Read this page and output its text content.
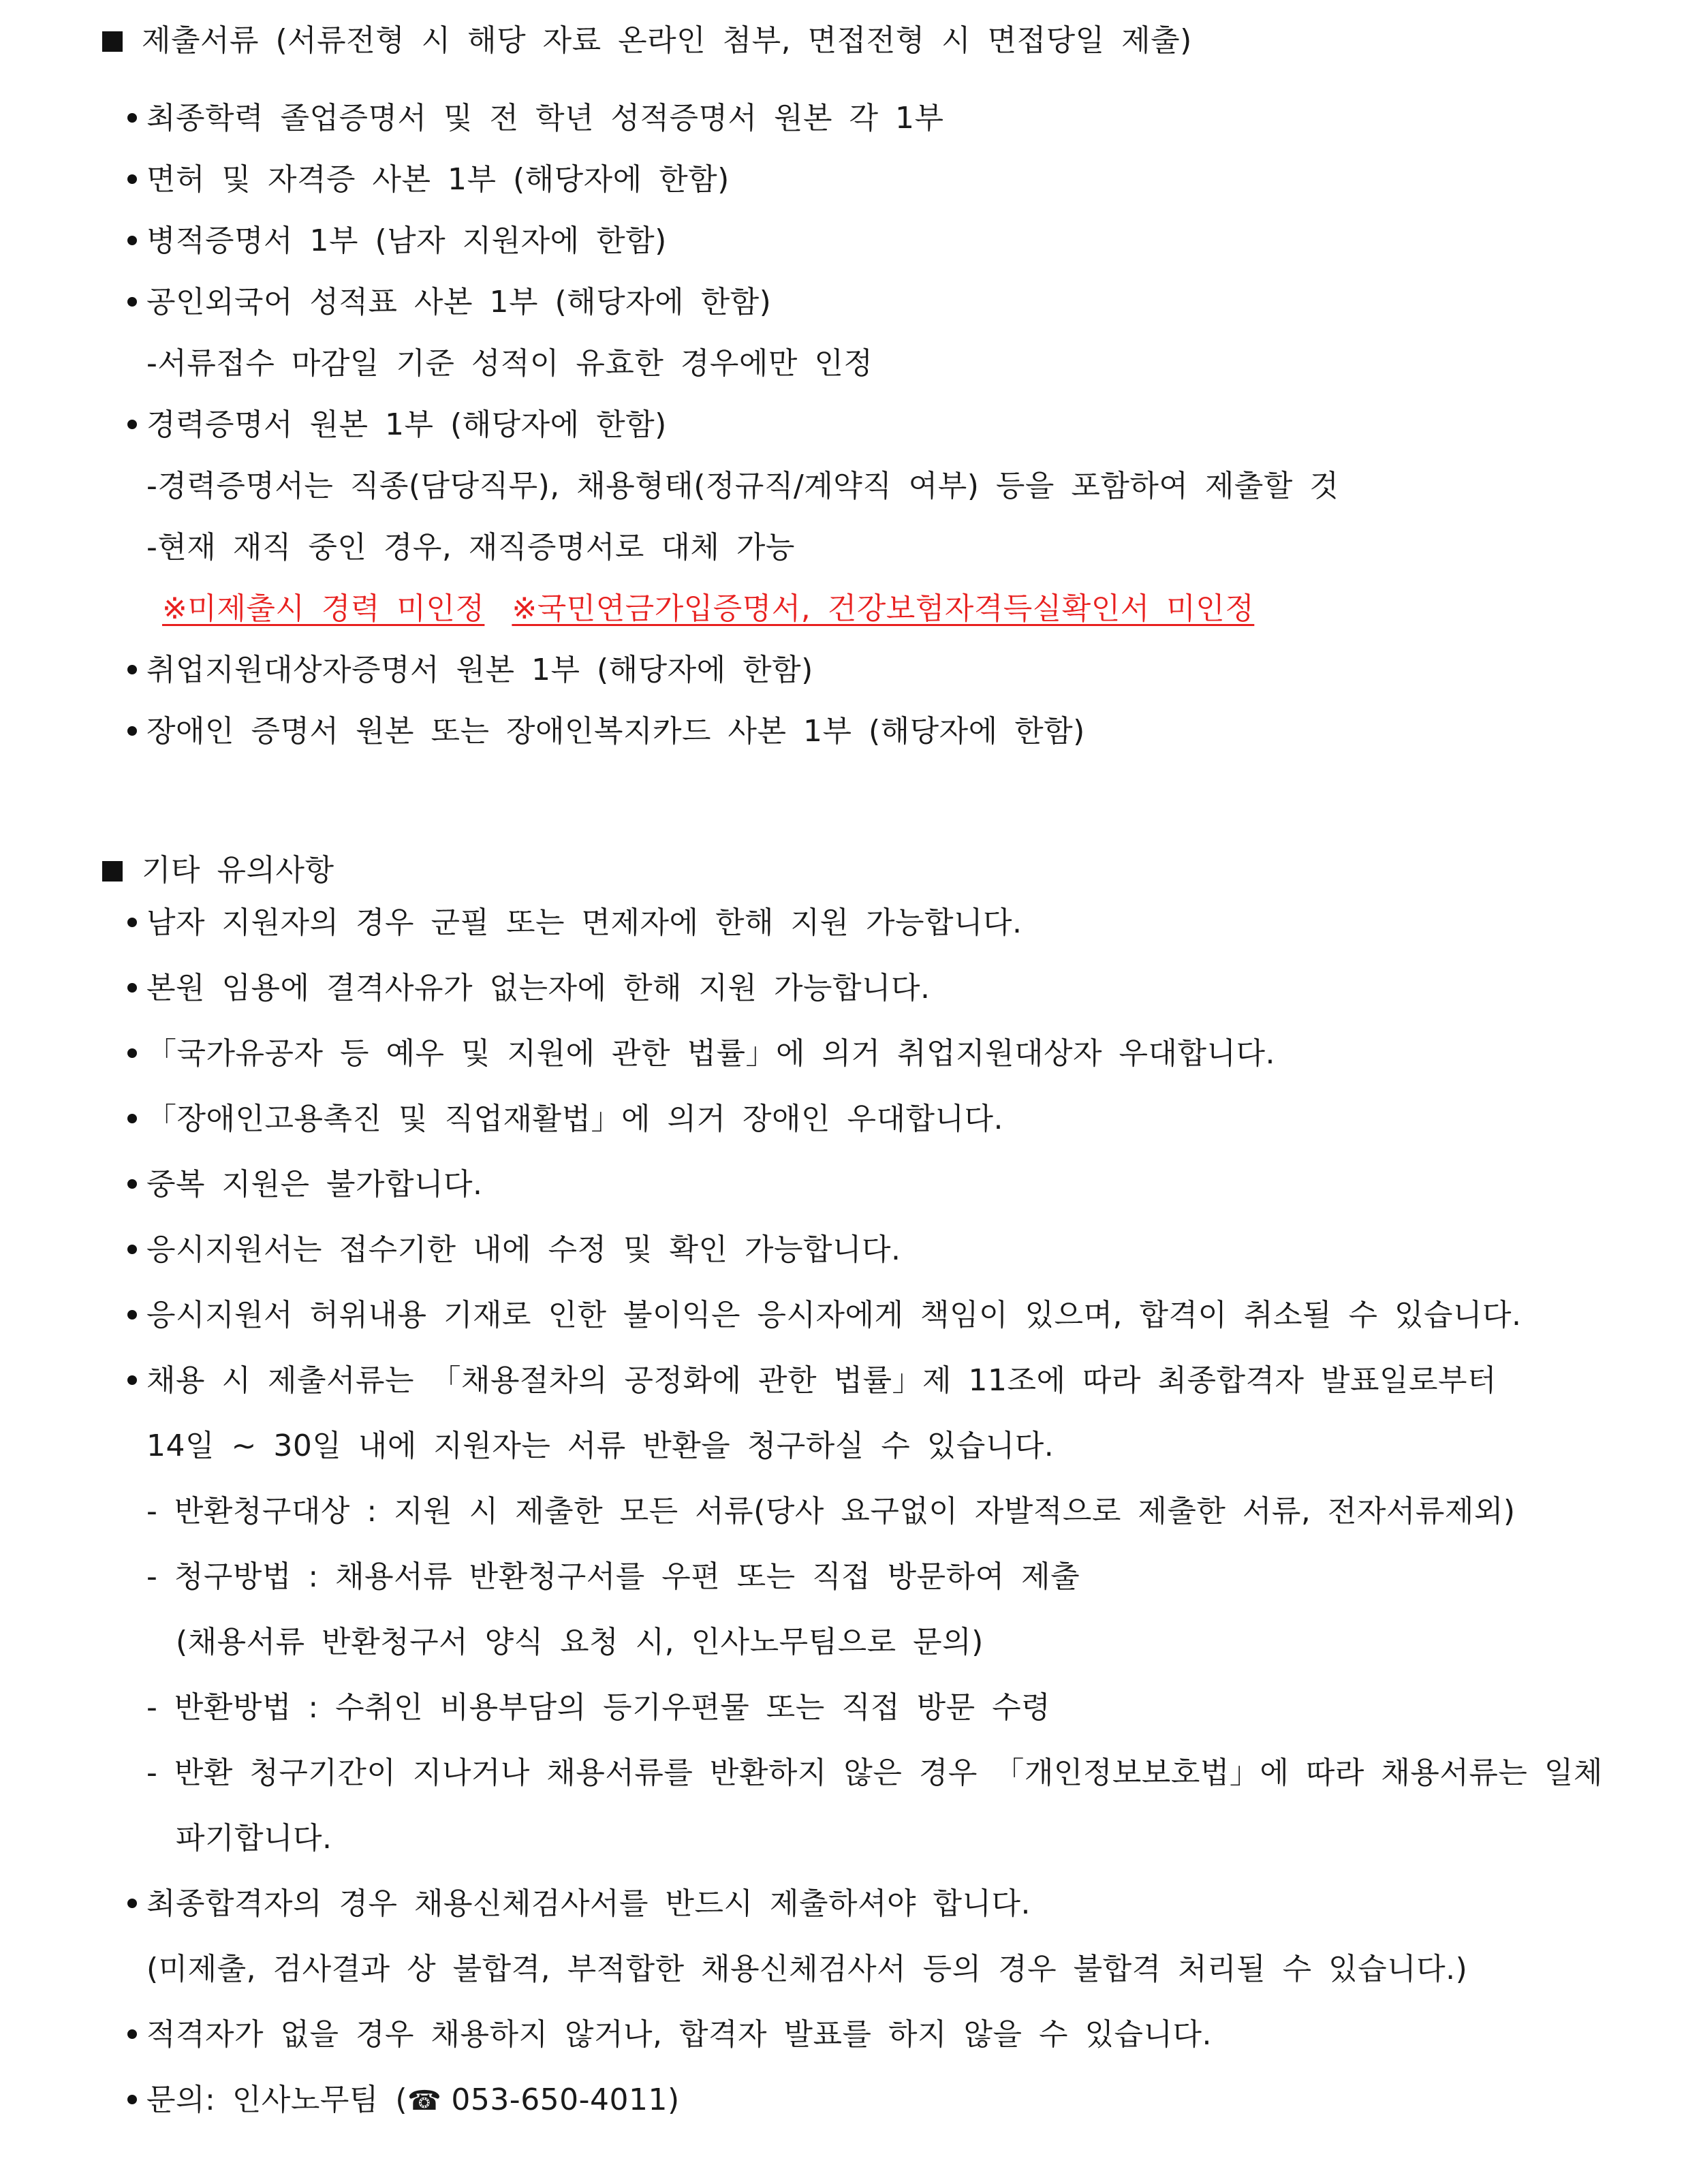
제출서류 (서류전형 시 해당 자료 온라인 첨부, 면접전형 시 면접당일 제출)
최종학력 졸업증명서 및 전 학년 성적증명서 원본 각 1부
면허 및 자격증 사본 1부 (해당자에 한함)
병적증명서 1부 (남자 지원자에 한함)
공인외국어 성적표 사본 1부 (해당자에 한함)
-서류접수 마감일 기준 성적이 유효한 경우에만 인정
경력증명서 원본 1부 (해당자에 한함)
-경력증명서는 직종(담당직무), 채용형태(정규직/계약직 여부) 등을 포함하여 제출할 것
-현재 재직 중인 경우, 재직증명서로 대체 가능
※미제출시 경력 미인정 ※국민연금가입증명서, 건강보험자격득실확인서 미인정
취업지원대상자증명서 원본 1부 (해당자에 한함)
장애인 증명서 원본 또는 장애인복지카드 사본 1부 (해당자에 한함)
기타 유의사항
남자 지원자의 경우 군필 또는 면제자에 한해 지원 가능합니다.
본원 임용에 결격사유가 없는자에 한해 지원 가능합니다.
「국가유공자 등 예우 및 지원에 관한 법률」에 의거 취업지원대상자 우대합니다.
「장애인고용촉진 및 직업재활법」에 의거 장애인 우대합니다.
중복 지원은 불가합니다.
응시지원서는 접수기한 내에 수정 및 확인 가능합니다.
응시지원서 허위내용 기재로 인한 불이익은 응시자에게 책임이 있으며, 합격이 취소될 수 있습니다.
채용 시 제출서류는 「채용절차의 공정화에 관한 법률」제 11조에 따라 최종합격자 발표일로부터
14일 ~ 30일 내에 지원자는 서류 반환을 청구하실 수 있습니다.
- 반환청구대상 : 지원 시 제출한 모든 서류(당사 요구없이 자발적으로 제출한 서류, 전자서류제외)
- 청구방법 : 채용서류 반환청구서를 우편 또는 직접 방문하여 제출
(채용서류 반환청구서 양식 요청 시, 인사노무팀으로 문의)
- 반환방법 : 수취인 비용부담의 등기우편물 또는 직접 방문 수령
- 반환 청구기간이 지나거나 채용서류를 반환하지 않은 경우 「개인정보보호법」에 따라 채용서류는 일체
파기합니다.
최종합격자의 경우 채용신체검사서를 반드시 제출하셔야 합니다.
(미제출, 검사결과 상 불합격, 부적합한 채용신체검사서 등의 경우 불합격 처리될 수 있습니다.)
적격자가 없을 경우 채용하지 않거나, 합격자 발표를 하지 않을 수 있습니다.
문의: 인사노무팀 (☎ 053-650-4011)
